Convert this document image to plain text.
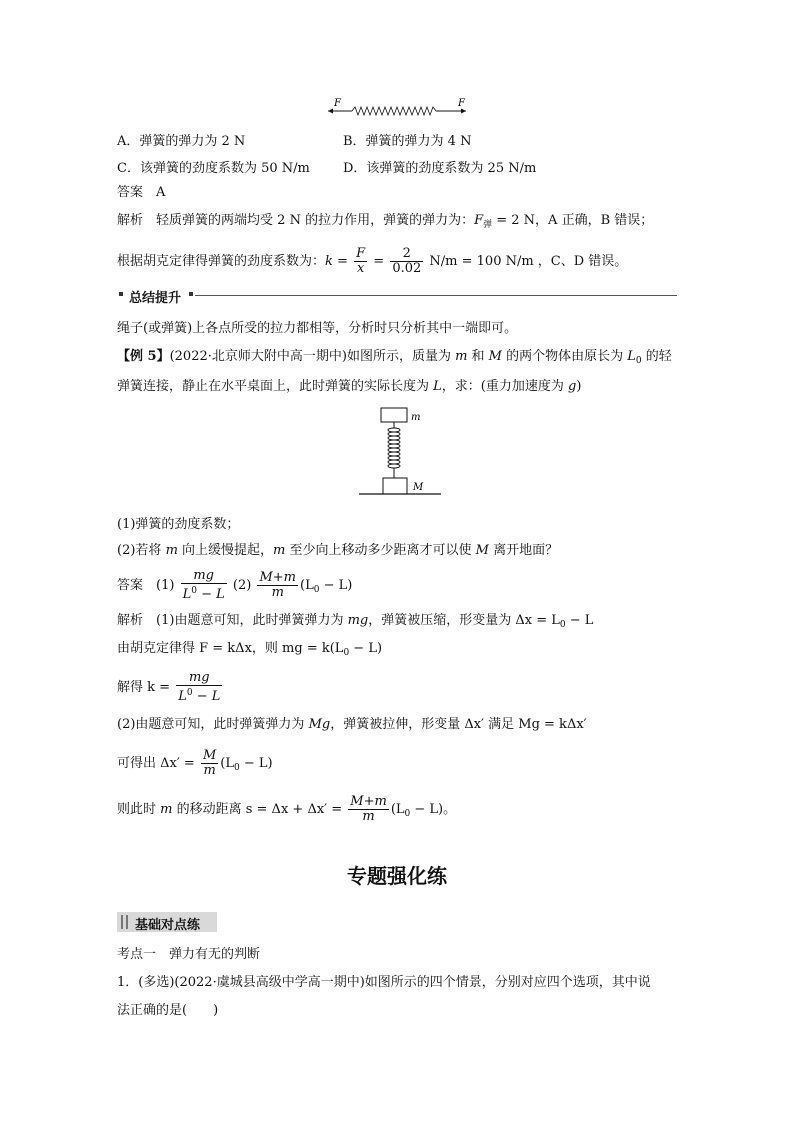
F	F
A．弹簧的弹力为 2 N	B．弹簧的弹力为 4 N
C．该弹簧的劲度系数为 50 N/m	D．该弹簧的劲度系数为 25 N/m
答案　 A
解析　 轻质弹簧的两端均受 2 N 的拉力作用，弹簧的弹力为：$F_弹 = 2$ N，A 正确，B 错误；
根据胡克定律得弹簧的劲度系数为：$k = \frac{F}{x} = \frac{2}{0.02} N/m = 100$ N/m ，C、D 错误。
总结提升
绳子(或弹簧)上各点所受的拉力都相等，分析时只分析其中一端即可。
【例 5】(2022·北京师大附中高一期中)如图所示，质量为 m 和 M 的两个物体由原长为 $L_0$ 的轻
弹簧连接，静止在水平桌面上，此时弹簧的实际长度为 L，求：(重力加速度为 g)
m
M
(1)弹簧的劲度系数；
(2)若将 m 向上缓慢提起，m 至少向上移动多少距离才可以使 M 离开地面？
答案　 $(1) \frac{mg}{L^0 - L} (2) \frac{M+m}{m} (L_0 - L)$
解析　 (1)由题意可知，此时弹簧弹力为 mg，弹簧被压缩，形变量为 $\Delta x = L_0 - L$
由胡克定律得 F = kΔx，则 mg = $k(L_0 - L)$
解得 $k = \frac{mg}{L^0 - L}$
(2)由题意可知，此时弹簧弹力为 Mg，弹簧被拉伸，形变量 Δx′ 满足 Mg = kΔx′
可得出 $\Delta x' = \frac{M}{m} (L_0 - L)$
则此时 m 的移动距离 $s = \Delta x + \Delta x' = \frac{M+m}{m} (L_0 - L)$。
专题强化练
基础对点练
考点一　弹力有无的判断
1．(多选)(2022·虞城县高级中学高一期中)如图所示的四个情景，分别对应四个选项，其中说
法正确的是(　　)
